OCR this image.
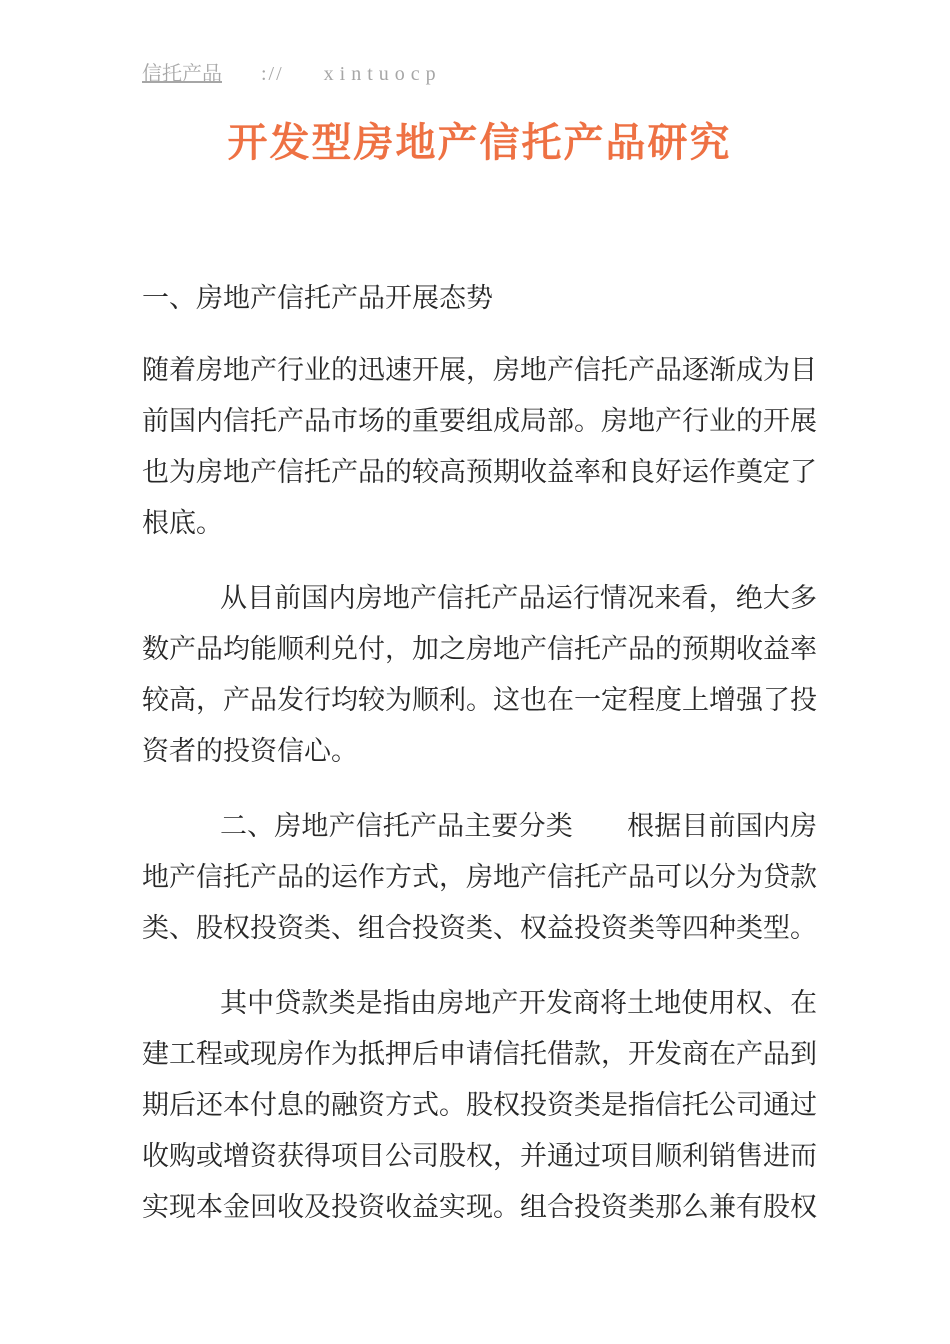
信托产品 :// xintuocp
开发型房地产信托产品研究

一、房地产信托产品开展态势

随着房地产行业的迅速开展，房地产信托产品逐渐成为目前国内信托产品市场的重要组成局部。房地产行业的开展也为房地产信托产品的较高预期收益率和良好运作奠定了根底。

从目前国内房地产信托产品运行情况来看，绝大多数产品均能顺利兑付，加之房地产信托产品的预期收益率较高，产品发行均较为顺利。这也在一定程度上增强了投资者的投资信心。

二、房地产信托产品主要分类　　根据目前国内房地产信托产品的运作方式，房地产信托产品可以分为贷款类、股权投资类、组合投资类、权益投资类等四种类型。

其中贷款类是指由房地产开发商将土地使用权、在建工程或现房作为抵押后申请信托借款，开发商在产品到期后还本付息的融资方式。股权投资类是指信托公司通过收购或增资获得项目公司股权，并通过项目顺利销售进而实现本金回收及投资收益实现。组合投资类那么兼有股权
